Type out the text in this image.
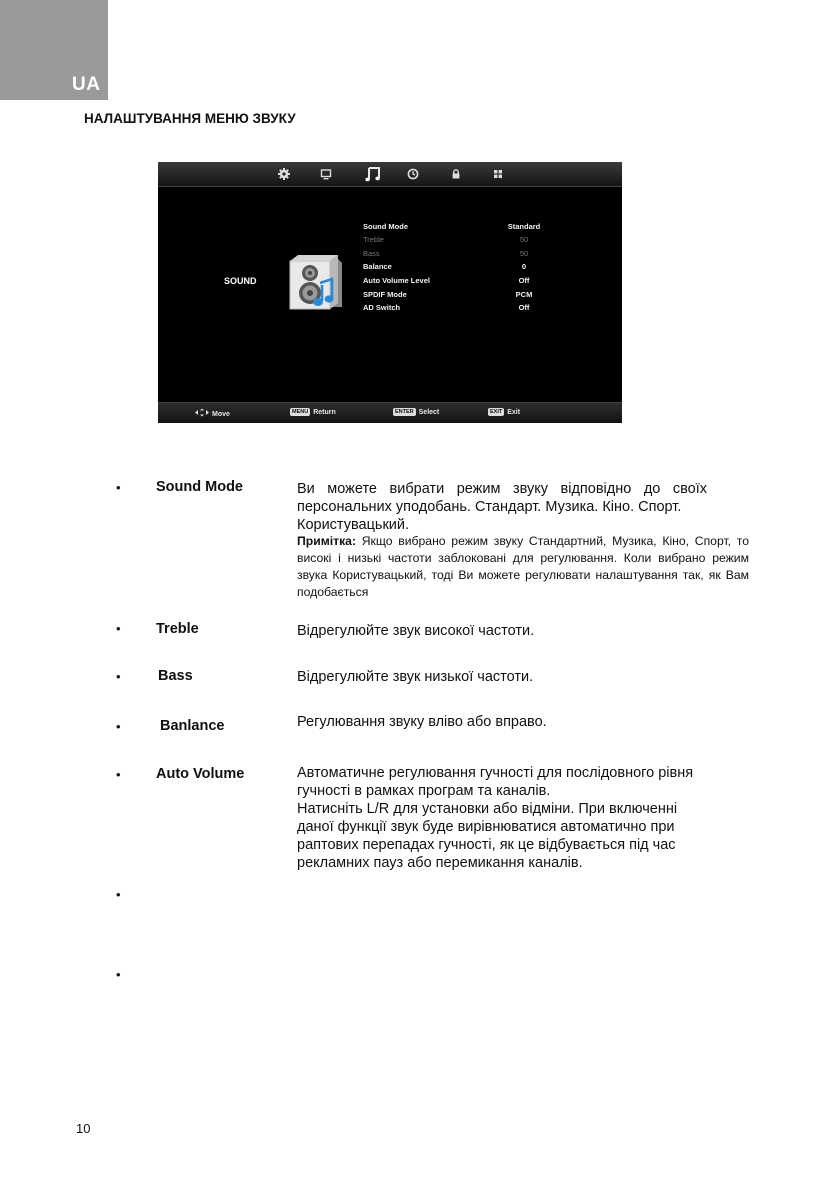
UA
НАЛАШТУВАННЯ МЕНЮ ЗВУКУ
SOUND
Sound Mode	Standard
Treble	50
Bass	50
Balance	0
Auto Volume Level	Off
SPDIF Mode	PCM
AD Switch	Off
Move	MENU Return	ENTER Select	EXIT Exit
• Sound Mode	Ви можете вибрати режим звуку відповідно до своїх
персональних уподобань. Стандарт. Музика. Кіно. Спорт.
Користувацький.
Примітка: Якщо вибрано режим звуку Стандартний, Музика, Кіно, Спорт, то високі і низькі частоти заблоковані для регулювання. Коли вибрано режим звука Користувацький, тоді Ви можете регулювати налаштування так, як Вам подобається
• Treble	Відрегулюйте звук високої частоти.
•	Bass	Відрегулюйте звук низької частоти.
•	Banlance	Регулювання звуку вліво або вправо.
• Auto Volume	Автоматичне регулювання гучності для послідовного рівня
гучності в рамках програм та каналів.
Натисніть L/R для установки або відміни. При включенні
даної функції звук буде вирівнюватися автоматично при
раптових перепадах гучності, як це відбувається під час
рекламних пауз або перемикання каналів.
•
•
10
